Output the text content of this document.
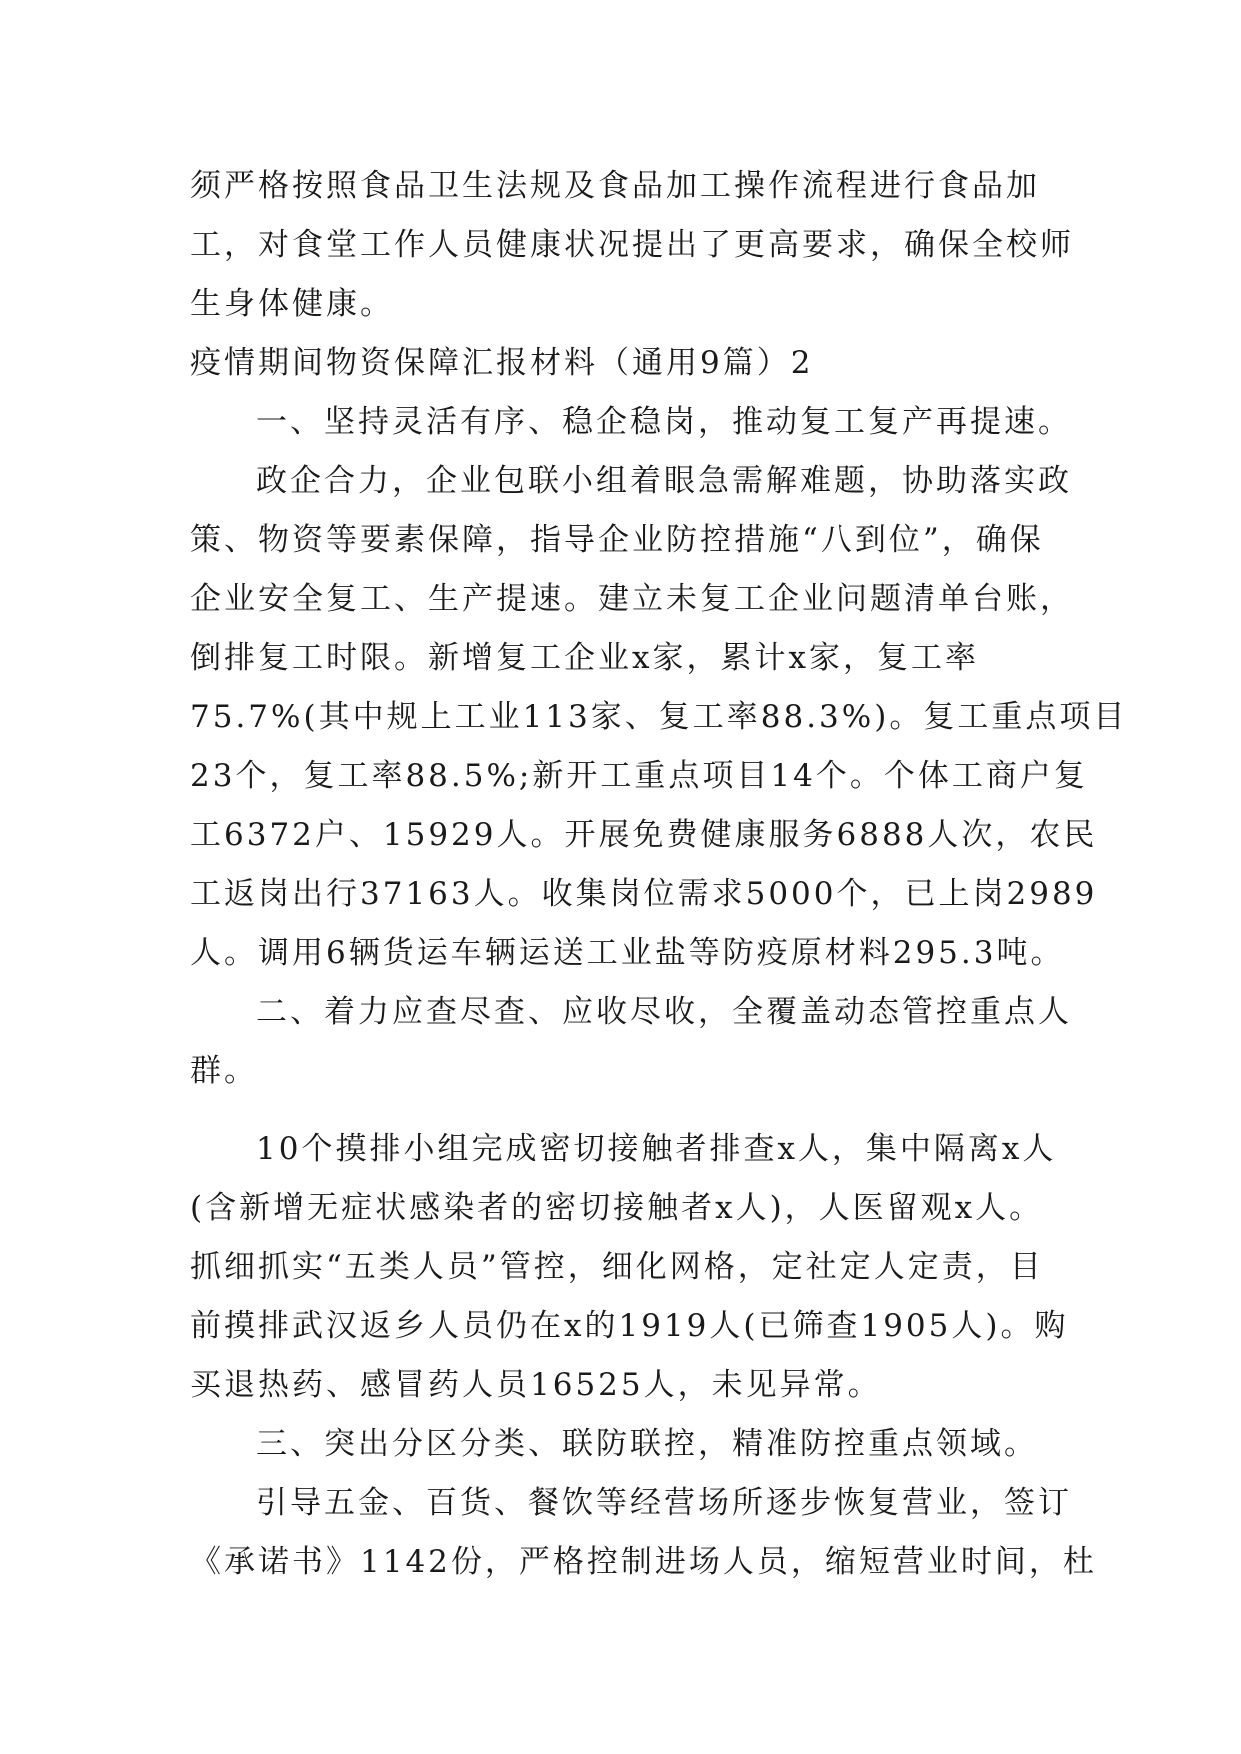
须严格按照食品卫生法规及食品加工操作流程进行食品加
工，对食堂工作人员健康状况提出了更高要求，确保全校师
生身体健康。
疫情期间物资保障汇报材料（通用9篇）2
一、坚持灵活有序、稳企稳岗，推动复工复产再提速。
政企合力，企业包联小组着眼急需解难题，协助落实政
策、物资等要素保障，指导企业防控措施“八到位”，确保
企业安全复工、生产提速。建立未复工企业问题清单台账，
倒排复工时限。新增复工企业x家，累计x家，复工率
75.7%(其中规上工业113家、复工率88.3%)。复工重点项目
23个，复工率88.5%;新开工重点项目14个。个体工商户复
工6372户、15929人。开展免费健康服务6888人次，农民
工返岗出行37163人。收集岗位需求5000个，已上岗2989
人。调用6辆货运车辆运送工业盐等防疫原材料295.3吨。
二、着力应查尽查、应收尽收，全覆盖动态管控重点人
群。
10个摸排小组完成密切接触者排查x人，集中隔离x人
(含新增无症状感染者的密切接触者x人)，人医留观x人。
抓细抓实“五类人员”管控，细化网格，定社定人定责，目
前摸排武汉返乡人员仍在x的1919人(已筛查1905人)。购
买退热药、感冒药人员16525人，未见异常。
三、突出分区分类、联防联控，精准防控重点领域。
引导五金、百货、餐饮等经营场所逐步恢复营业，签订
《承诺书》1142份，严格控制进场人员，缩短营业时间，杜
